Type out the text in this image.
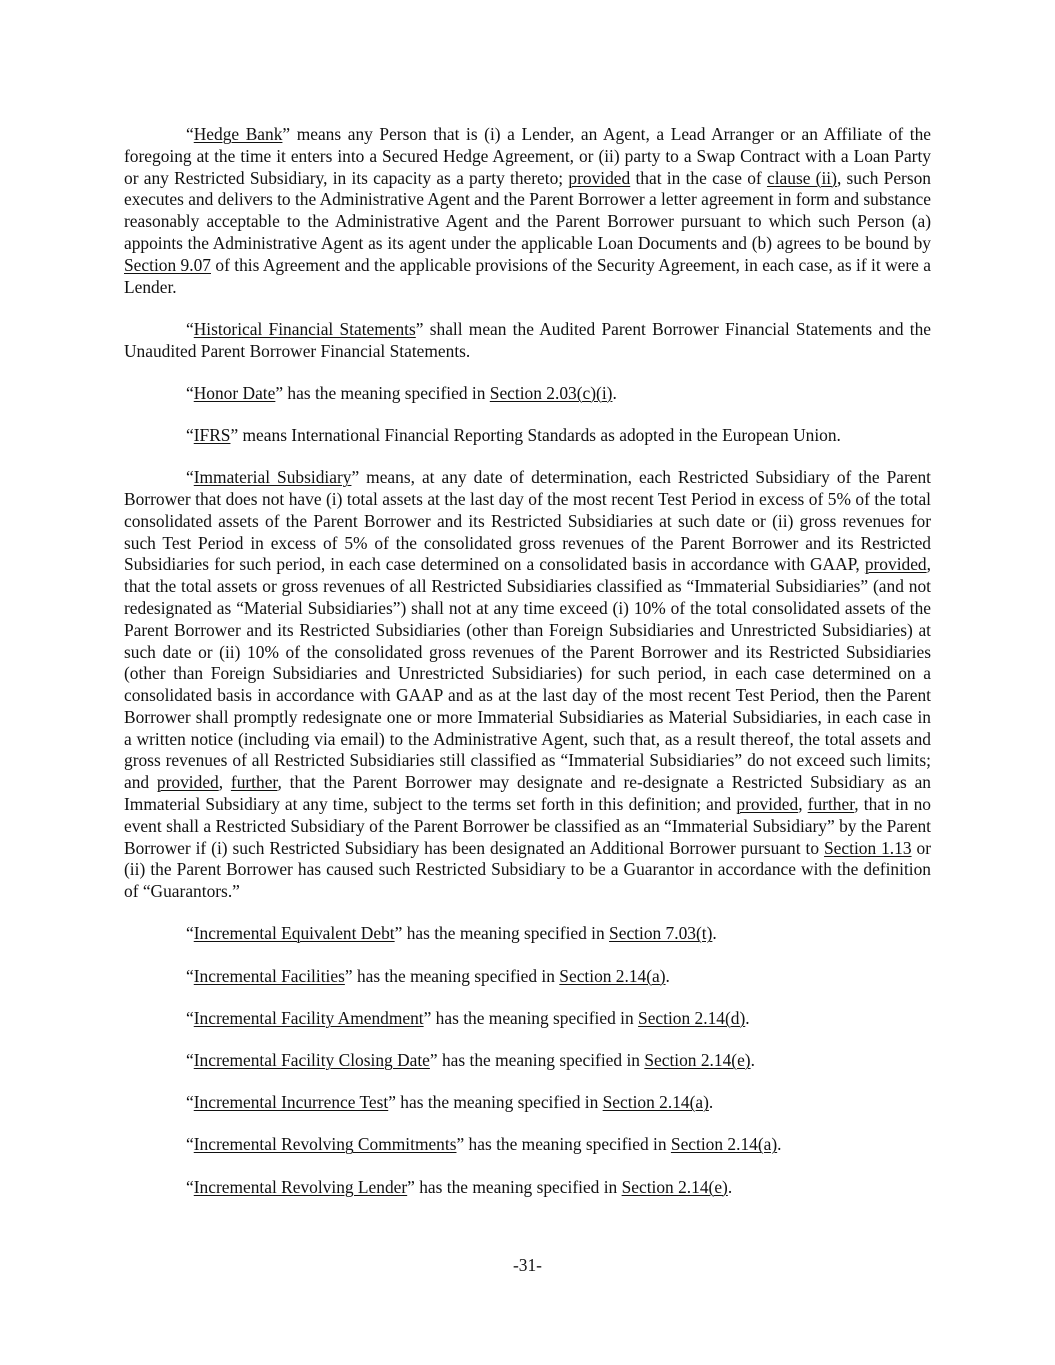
“Hedge Bank” means any Person that is (i) a Lender, an Agent, a Lead Arranger or an Affiliate of the foregoing at the time it enters into a Secured Hedge Agreement, or (ii) party to a Swap Contract with a Loan Party or any Restricted Subsidiary, in its capacity as a party thereto; provided that in the case of clause (ii), such Person executes and delivers to the Administrative Agent and the Parent Borrower a letter agreement in form and substance reasonably acceptable to the Administrative Agent and the Parent Borrower pursuant to which such Person (a) appoints the Administrative Agent as its agent under the applicable Loan Documents and (b) agrees to be bound by Section 9.07 of this Agreement and the applicable provisions of the Security Agreement, in each case, as if it were a Lender.

“Historical Financial Statements” shall mean the Audited Parent Borrower Financial Statements and the Unaudited Parent Borrower Financial Statements.

“Honor Date” has the meaning specified in Section 2.03(c)(i).

“IFRS” means International Financial Reporting Standards as adopted in the European Union.

“Immaterial Subsidiary” means, at any date of determination, each Restricted Subsidiary of the Parent Borrower that does not have (i) total assets at the last day of the most recent Test Period in excess of 5% of the total consolidated assets of the Parent Borrower and its Restricted Subsidiaries at such date or (ii) gross revenues for such Test Period in excess of 5% of the consolidated gross revenues of the Parent Borrower and its Restricted Subsidiaries for such period, in each case determined on a consolidated basis in accordance with GAAP, provided, that the total assets or gross revenues of all Restricted Subsidiaries classified as “Immaterial Subsidiaries” (and not redesignated as “Material Subsidiaries”) shall not at any time exceed (i) 10% of the total consolidated assets of the Parent Borrower and its Restricted Subsidiaries (other than Foreign Subsidiaries and Unrestricted Subsidiaries) at such date or (ii) 10% of the consolidated gross revenues of the Parent Borrower and its Restricted Subsidiaries (other than Foreign Subsidiaries and Unrestricted Subsidiaries) for such period, in each case determined on a consolidated basis in accordance with GAAP and as at the last day of the most recent Test Period, then the Parent Borrower shall promptly redesignate one or more Immaterial Subsidiaries as Material Subsidiaries, in each case in a written notice (including via email) to the Administrative Agent, such that, as a result thereof, the total assets and gross revenues of all Restricted Subsidiaries still classified as “Immaterial Subsidiaries” do not exceed such limits; and provided, further, that the Parent Borrower may designate and re-designate a Restricted Subsidiary as an Immaterial Subsidiary at any time, subject to the terms set forth in this definition; and provided, further, that in no event shall a Restricted Subsidiary of the Parent Borrower be classified as an “Immaterial Subsidiary” by the Parent Borrower if (i) such Restricted Subsidiary has been designated an Additional Borrower pursuant to Section 1.13 or (ii) the Parent Borrower has caused such Restricted Subsidiary to be a Guarantor in accordance with the definition of “Guarantors.”

“Incremental Equivalent Debt” has the meaning specified in Section 7.03(t).

“Incremental Facilities” has the meaning specified in Section 2.14(a).

“Incremental Facility Amendment” has the meaning specified in Section 2.14(d).

“Incremental Facility Closing Date” has the meaning specified in Section 2.14(e).

“Incremental Incurrence Test” has the meaning specified in Section 2.14(a).

“Incremental Revolving Commitments” has the meaning specified in Section 2.14(a).

“Incremental Revolving Lender” has the meaning specified in Section 2.14(e).

-31-
